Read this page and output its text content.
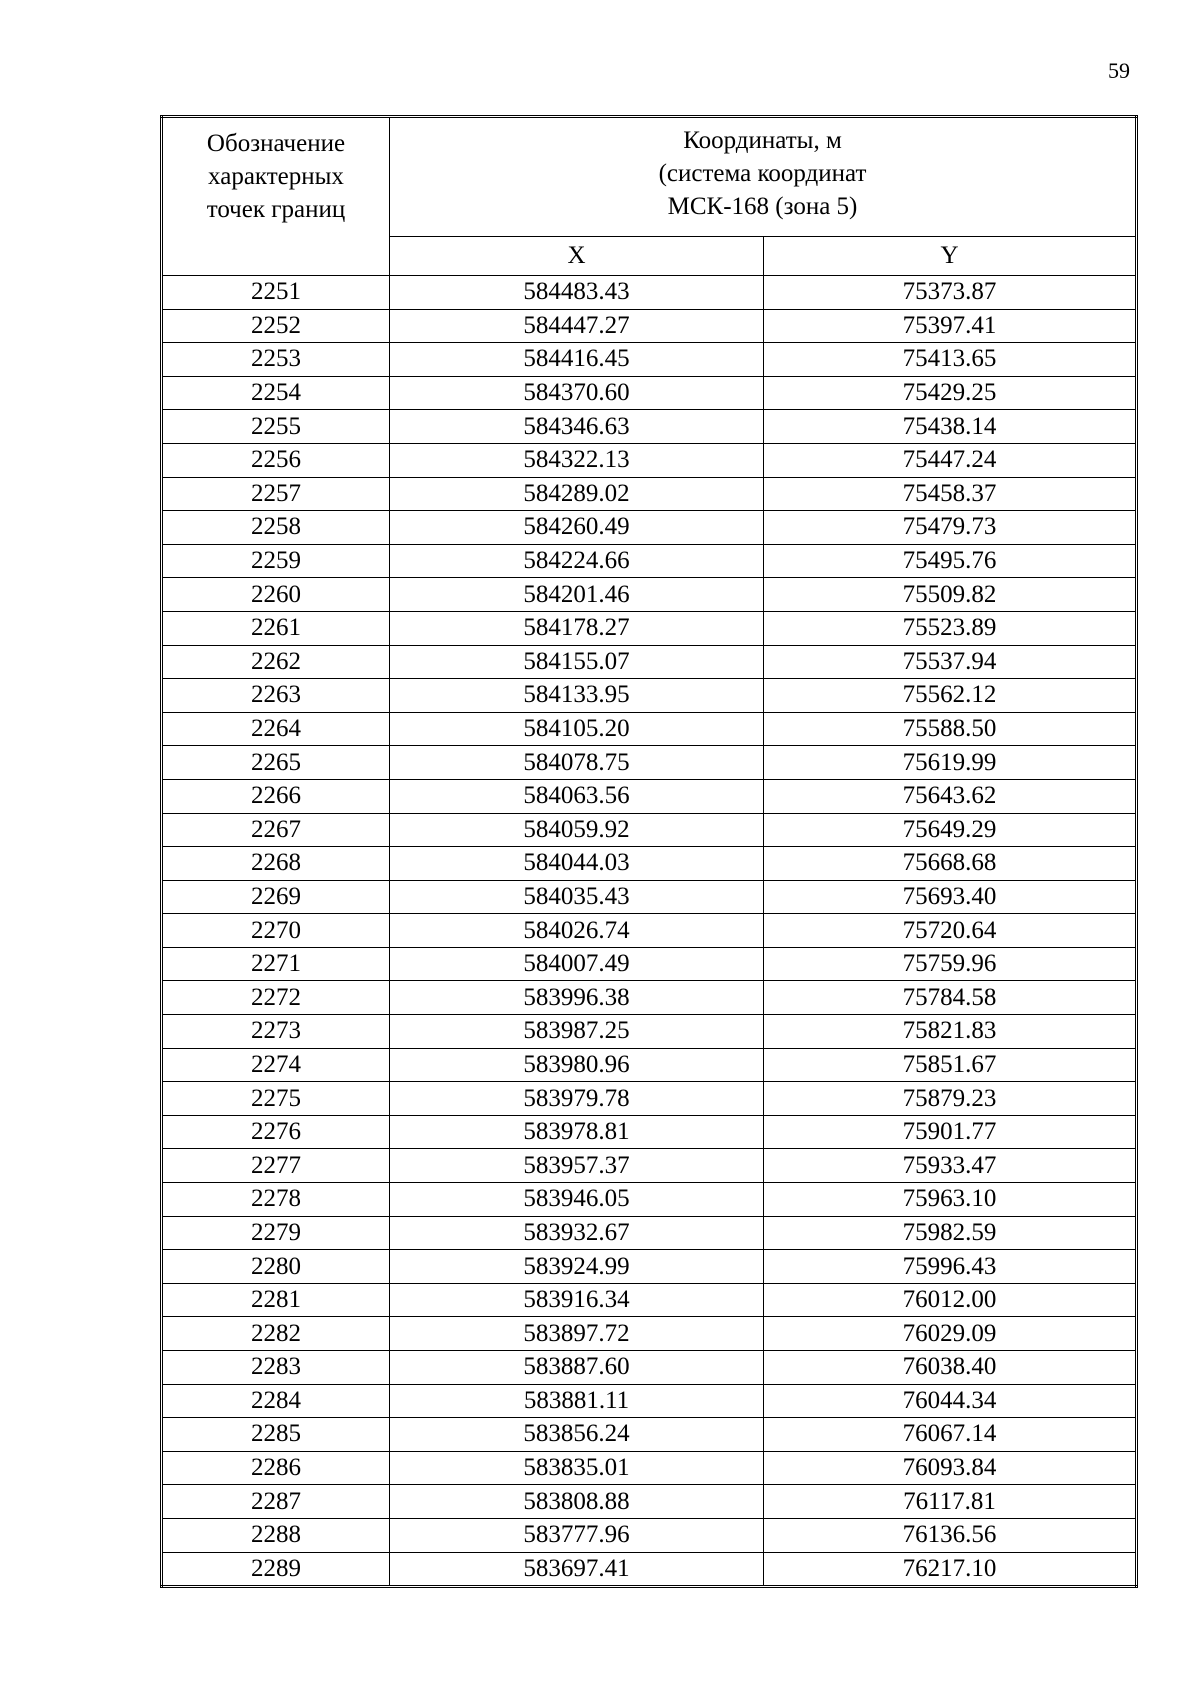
59
Обозначение
характерных
точек границ	Координаты, м
(система координат
МСК-168 (зона 5)	

	X	Y
2251	584483.43	75373.87
2252	584447.27	75397.41
2253	584416.45	75413.65
2254	584370.60	75429.25
2255	584346.63	75438.14
2256	584322.13	75447.24
2257	584289.02	75458.37
2258	584260.49	75479.73
2259	584224.66	75495.76
2260	584201.46	75509.82
2261	584178.27	75523.89
2262	584155.07	75537.94
2263	584133.95	75562.12
2264	584105.20	75588.50
2265	584078.75	75619.99
2266	584063.56	75643.62
2267	584059.92	75649.29
2268	584044.03	75668.68
2269	584035.43	75693.40
2270	584026.74	75720.64
2271	584007.49	75759.96
2272	583996.38	75784.58
2273	583987.25	75821.83
2274	583980.96	75851.67
2275	583979.78	75879.23
2276	583978.81	75901.77
2277	583957.37	75933.47
2278	583946.05	75963.10
2279	583932.67	75982.59
2280	583924.99	75996.43
2281	583916.34	76012.00
2282	583897.72	76029.09
2283	583887.60	76038.40
2284	583881.11	76044.34
2285	583856.24	76067.14
2286	583835.01	76093.84
2287	583808.88	76117.81
2288	583777.96	76136.56
2289	583697.41	76217.10
